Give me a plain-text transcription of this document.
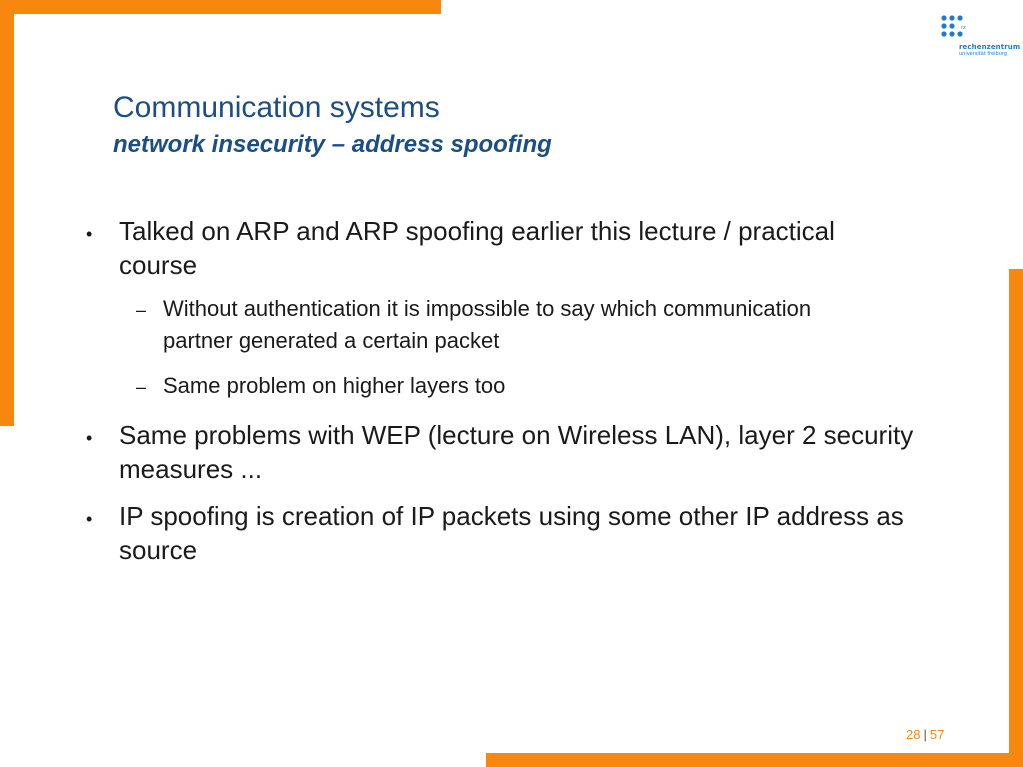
rz
rechenzentrum
universität freiburg
Communication systems
network insecurity – address spoofing
• Talked on ARP and ARP spoofing earlier this lecture / practical course
– Without authentication it is impossible to say which communication partner generated a certain packet
– Same problem on higher layers too
• Same problems with WEP (lecture on Wireless LAN), layer 2 security measures ...
• IP spoofing is creation of IP packets using some other IP address as source
28 | 57
